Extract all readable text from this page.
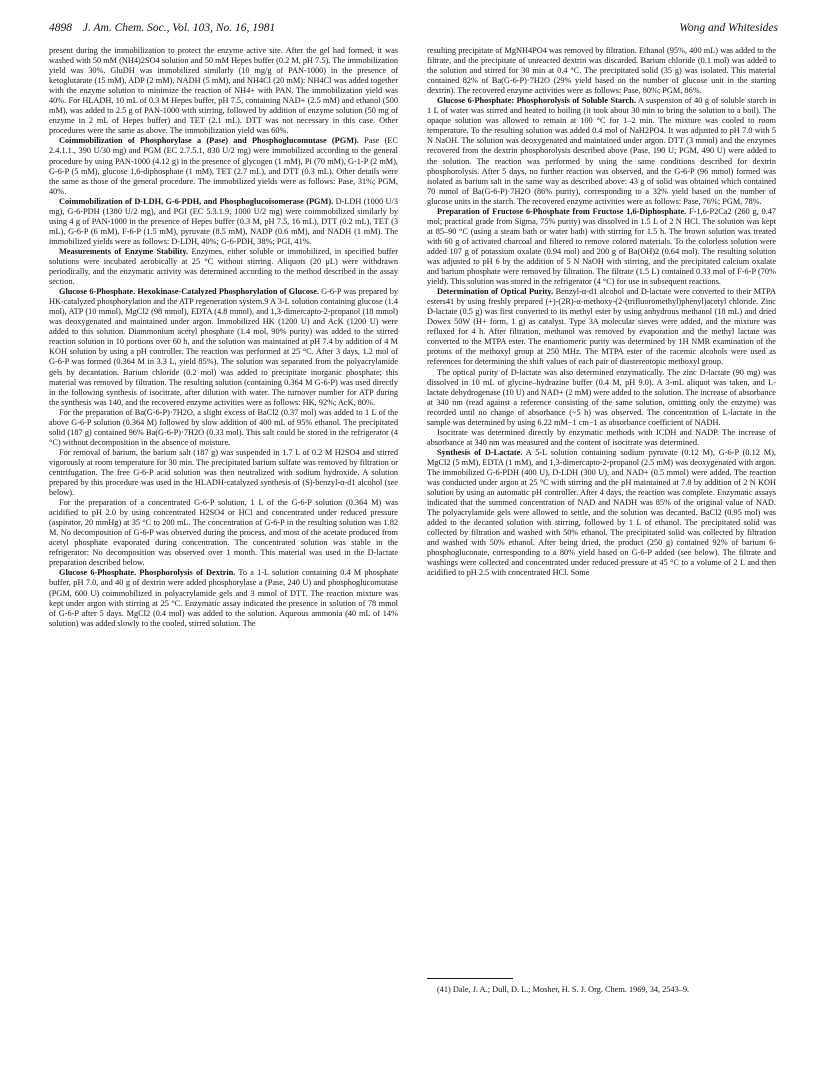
4898 J. Am. Chem. Soc., Vol. 103, No. 16, 1981	Wong and Whitesides

present during the immobilization to protect the enzyme active site. After the gel had formed, it was washed with 50 mM (NH4)2SO4 solution and 50 mM Hepes buffer (0.2 M, pH 7.5). The immobilization yield was 30%. GluDH was immobilized similarly (10 mg/g of PAN-1000) in the presence of ketoglutarate (15 mM), ADP (2 mM), NADH (5 mM), and NH4Cl (20 mM): NH4Cl was added together with the enzyme solution to minimize the reaction of NH4+ with PAN. The immobilization yield was 40%. For HLADH, 10 mL of 0.3 M Hepes buffer, pH 7.5, containing NAD+ (2.5 mM) and ethanol (500 mM), was added to 2.5 g of PAN-1000 with stirring, followed by addition of enzyme solution (50 mg of enzyme in 2 mL of Hepes buffer) and TET (2.1 mL). DTT was not necessary in this case. Other procedures were the same as above. The immobilization yield was 60%.

Coimmobilization of Phosphorylase a (Pase) and Phosphoglucomutase (PGM). Pase (EC 2.4.1.1., 390 U/30 mg) and PGM (EC 2.7.5.1, 830 U/2 mg) were immobilized according to the general procedure by using PAN-1000 (4.12 g) in the presence of glycogen (1 mM), Pi (70 mM), G-1-P (2 mM), G-6-P (5 mM), glucose 1,6-diphosphate (1 mM), TET (2.7 mL), and DTT (0.3 mL). Other details were the same as those of the general procedure. The immobilized yields were as follows: Pase, 31%; PGM, 40%.

Coimmobilization of D-LDH, G-6-PDH, and Phosphoglucoisomerase (PGM). D-LDH (1000 U/3 mg), G-6-PDH (1380 U/2 mg), and PGI (EC 5.3.1.9, 1000 U/2 mg) were coimmobilized similarly by using 4 g of PAN-1000 in the presence of Hepes buffer (0.3 M, pH 7.5, 16 mL), DTT (0.2 mL), TET (3 mL), G-6-P (6 mM), F-6-P (1.5 mM), pyruvate (8.5 mM), NADP (0.6 mM), and NADH (1 mM). The immobilized yields were as follows: D-LDH, 40%; G-6-PDH, 38%; PGI, 41%.

Measurements of Enzyme Stability. Enzymes, either soluble or immobilized, in specified buffer solutions were incubated aerobically at 25 °C without stirring. Aliquots (20 μL) were withdrawn periodically, and the enzymatic activity was determined according to the method described in the assay section.

Glucose 6-Phosphate. Hexokinase-Catalyzed Phosphorylation of Glucose. G-6-P was prepared by HK-catalyzed phosphorylation and the ATP regeneration system.9 A 3-L solution containing glucose (1.4 mol), ATP (10 mmol), MgCl2 (98 mmol), EDTA (4.8 mmol), and 1,3-dimercapto-2-propanol (18 mmol) was deoxygenated and maintained under argon. Immobilized HK (1200 U) and AcK (1200 U) were added to this solution. Diammonium acetyl phosphate (1.4 mol, 90% purity) was added to the stirred reaction solution in 10 portions over 60 h, and the solution was maintained at pH 7.4 by addition of 4 M KOH solution by using a pH controller. The reaction was performed at 25 °C. After 3 days, 1.2 mol of G-6-P was formed (0.364 M in 3.3 L, yield 85%). The solution was separated from the polyacrylamide gels by decantation. Barium chloride (0.2 mol) was added to precipitate inorganic phosphate; this material was removed by filtration. The resulting solution (containing 0.364 M G-6-P) was used directly in the following synthesis of isocitrate, after dilution with water. The turnover number for ATP during the synthesis was 140, and the recovered enzyme activities were as follows: HK, 92%; AcK, 80%.

For the preparation of Ba(G-6-P)·7H2O, a slight excess of BaCl2 (0.37 mol) was added to 1 L of the above G-6-P solution (0.364 M) followed by slow addition of 400 mL of 95% ethanol. The precipitated solid (187 g) contained 96% Ba(G-6-P)·7H2O (0.33 mol). This salt could be stored in the refrigerator (4 °C) without decomposition in the absence of moisture.

For removal of barium, the barium salt (187 g) was suspended in 1.7 L of 0.2 M H2SO4 and stirred vigorously at room temperature for 30 min. The precipitated barium sulfate was removed by filtration or centrifugation. The free G-6-P acid solution was then neutralized with sodium hydroxide. A solution prepared by this procedure was used in the HLADH-catalyzed synthesis of (S)-benzyl-α-d1 alcohol (see below).

For the preparation of a concentrated G-6-P solution, 1 L of the G-6-P solution (0.364 M) was acidified to pH 2.0 by using concentrated H2SO4 or HCl and concentrated under reduced pressure (aspirator, 20 mmHg) at 35 °C to 200 mL. The concentration of G-6-P in the resulting solution was 1.82 M. No decomposition of G-6-P was observed during the process, and most of the acetate produced from acetyl phosphate evaporated during concentration. The concentrated solution was stable in the refrigerator: No decomposition was observed over 1 month. This material was used in the D-lactate preparation described below.

Glucose 6-Phosphate. Phosphorolysis of Dextrin. To a 1-L solution containing 0.4 M phosphate buffer, pH 7.0, and 40 g of dextrin were added phosphorylase a (Pase, 240 U) and phosphoglucomutase (PGM, 600 U) coimmobilized in polyacrylamide gels and 3 mmol of DTT. The reaction mixture was kept under argon with stirring at 25 °C. Enzymatic assay indicated the presence in solution of 78 mmol of G-6-P after 5 days. MgCl2 (0.4 mol) was added to the solution. Aqueous ammonia (40 mL of 14% solution) was added slowly to the cooled, stirred solution. The

resulting precipitate of MgNH4PO4 was removed by filtration. Ethanol (95%, 400 mL) was added to the filtrate, and the precipitate of unreacted dextrin was discarded. Barium chloride (0.1 mol) was added to the solution and stirred for 30 min at 0.4 °C. The precipitated solid (35 g) was isolated. This material contained 82% of Ba(G-6-P)·7H2O (29% yield based on the number of glucose unit in the starting dextrin). The recovered enzyme activities were as follows: Pase, 80%; PGM, 86%.

Glucose 6-Phosphate: Phosphorolysis of Soluble Starch. A suspension of 40 g of soluble starch in 1 L of water was stirred and heated to boiling (it took about 30 min to bring the solution to a boil). The opaque solution was allowed to remain at 100 °C for 1–2 min. The mixture was cooled to room temperature. To the resulting solution was added 0.4 mol of NaH2PO4. It was adjusted to pH 7.0 with 5 N NaOH. The solution was deoxygenated and maintained under argon. DTT (3 mmol) and the enzymes recovered from the dextrin phosphorolysis described above (Pase, 190 U; PGM, 490 U) were added to the solution. The reaction was performed by using the same conditions described for dextrin phosphorolysis. After 5 days, no further reaction was observed, and the G-6-P (96 mmol) formed was isolated as barium salt in the same way as described above: 43 g of solid was obtained which contained 70 mmol of Ba(G-6-P)·7H2O (86% purity), corresponding to a 32% yield based on the number of glucose units in the starch. The recovered enzyme activities were as follows: Pase, 76%; PGM, 78%.

Preparation of Fructose 6-Phosphate from Fructose 1,6-Diphosphate. F-1,6-P2Ca2 (260 g, 0.47 mol; practical grade from Sigma, 75% purity) was dissolved in 1.5 L of 2 N HCl. The solution was kept at 85–90 °C (using a steam bath or water bath) with stirring for 1.5 h. The brown solution was treated with 60 g of activated charcoal and filtered to remove colored materials. To the colorless solution were added 107 g of potassium oxalate (0.94 mol) and 200 g of Ba(OH)2 (0.64 mol). The resulting solution was adjusted to pH 6 by the addition of 5 N NaOH with stirring, and the precipitated calcium oxalate and barium phosphate were removed by filtration. The filtrate (1.5 L) contained 0.33 mol of F-6-P (70% yield). This solution was stored in the refrigerator (4 °C) for use in subsequent reactions.

Determination of Optical Purity. Benzyl-α-d1 alcohol and D-lactate were converted to their MTPA esters41 by using freshly prepared (+)-(2R)-α-methoxy-(2-(trifluoromethyl)phenyl)acetyl chloride. Zinc D-lactate (0.5 g) was first converted to its methyl ester by using anhydrous methanol (18 mL) and dried Dowex 50W (H+ form, 1 g) as catalyst. Type 3A molecular sieves were added, and the mixture was refluxed for 4 h. After filtration, methanol was removed by evaporation and the methyl lactate was converted to the MTPA ester. The enantiomeric purity was determined by 1H NMR examination of the protons of the methoxyl group at 250 MHz. The MTPA ester of the racemic alcohols were used as references for determining the shift values of each pair of diastereotopic methoxyl group.

The optical purity of D-lactate was also determined enzymatically. The zinc D-lactate (90 mg) was dissolved in 10 mL of glycine–hydrazine buffer (0.4 M, pH 9.0). A 3-mL aliquot was taken, and L-lactate dehydrogenase (10 U) and NAD+ (2 mM) were added to the solution. The increase of absorbance at 340 nm (read against a reference consisting of the same solution, omitting only the enzyme) was recorded until no change of absorbance (~5 h) was observed. The concentration of L-lactate in the sample was determined by using 6.22 mM−1 cm−1 as absorbance coefficient of NADH.

Isocitrate was determined directly by enzymatic methods with ICDH and NADP. The increase of absorbance at 340 nm was measured and the content of isocitrate was determined.

Synthesis of D-Lactate. A 5-L solution containing sodium pyruvate (0.12 M), G-6-P (0.12 M), MgCl2 (5 mM), EDTA (1 mM), and 1,3-dimercapto-2-propanol (2.5 mM) was deoxygenated with argon. The immobilized G-6-PDH (400 U), D-LDH (300 U), and NAD+ (0.5 mmol) were added. The reaction was conducted under argon at 25 °C with stirring and the pH maintained at 7.8 by addition of 2 N KOH solution by using an automatic pH controller. After 4 days, the reaction was complete. Enzymatic assays indicated that the summed concentration of NAD and NADH was 85% of the original value of NAD. The polyacrylamide gels were allowed to settle, and the solution was decanted. BaCl2 (0.95 mol) was added to the decanted solution with stirring, followed by 1 L of ethanol. The precipitated solid was collected by filtration and washed with 50% ethanol. The precipitated solid was collected by filtration and washed with 50% ethanol. After being dried, the product (250 g) contained 92% of barium 6-phosphogluconate, corresponding to a 80% yield based on G-6-P added (see below). The filtrate and washings were collected and concentrated under reduced pressure at 45 °C to a volume of 2 L and then acidified to pH 2.5 with concentrated HCl. Some

(41) Dale, J. A.; Dull, D. L.; Mosher, H. S. J. Org. Chem. 1969, 34, 2543–9.
